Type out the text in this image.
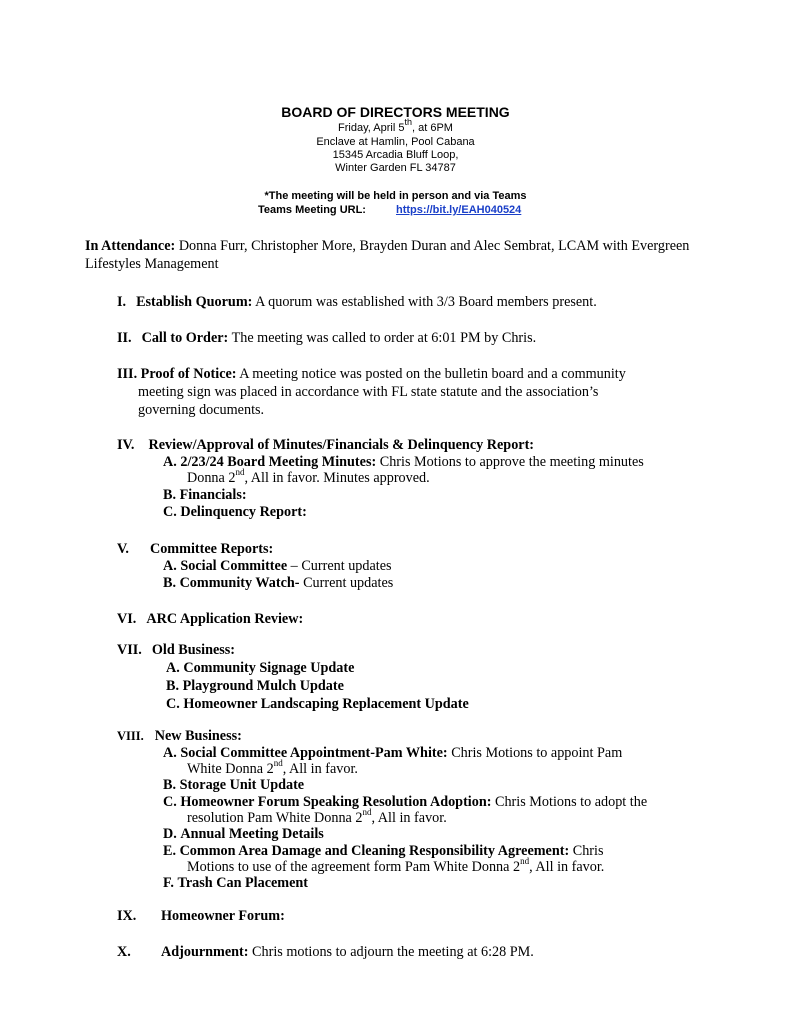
BOARD OF DIRECTORS MEETING
Friday, April 5th, at 6PM
Enclave at Hamlin, Pool Cabana
15345 Arcadia Bluff Loop,
Winter Garden FL 34787
*The meeting will be held in person and via Teams
Teams Meeting URL:	https://bit.ly/EAH040524
In Attendance: Donna Furr, Christopher More, Brayden Duran and Alec Sembrat, LCAM with Evergreen
Lifestyles Management
I. Establish Quorum: A quorum was established with 3/3 Board members present.
II. Call to Order: The meeting was called to order at 6:01 PM by Chris.
III. Proof of Notice: A meeting notice was posted on the bulletin board and a community
meeting sign was placed in accordance with FL state statute and the association’s
governing documents.
IV. Review/Approval of Minutes/Financials & Delinquency Report:
A. 2/23/24 Board Meeting Minutes: Chris Motions to approve the meeting minutes
Donna 2nd, All in favor. Minutes approved.
B. Financials:
C. Delinquency Report:
V. Committee Reports:
A. Social Committee – Current updates
B. Community Watch- Current updates
VI. ARC Application Review:
VII. Old Business:
A. Community Signage Update
B. Playground Mulch Update
C. Homeowner Landscaping Replacement Update
VIII. New Business:
A. Social Committee Appointment-Pam White: Chris Motions to appoint Pam
White Donna 2nd, All in favor.
B. Storage Unit Update
C. Homeowner Forum Speaking Resolution Adoption: Chris Motions to adopt the
resolution Pam White Donna 2nd, All in favor.
D. Annual Meeting Details
E. Common Area Damage and Cleaning Responsibility Agreement: Chris
Motions to use of the agreement form Pam White Donna 2nd, All in favor.
F. Trash Can Placement
IX. Homeowner Forum:
X. Adjournment: Chris motions to adjourn the meeting at 6:28 PM.
